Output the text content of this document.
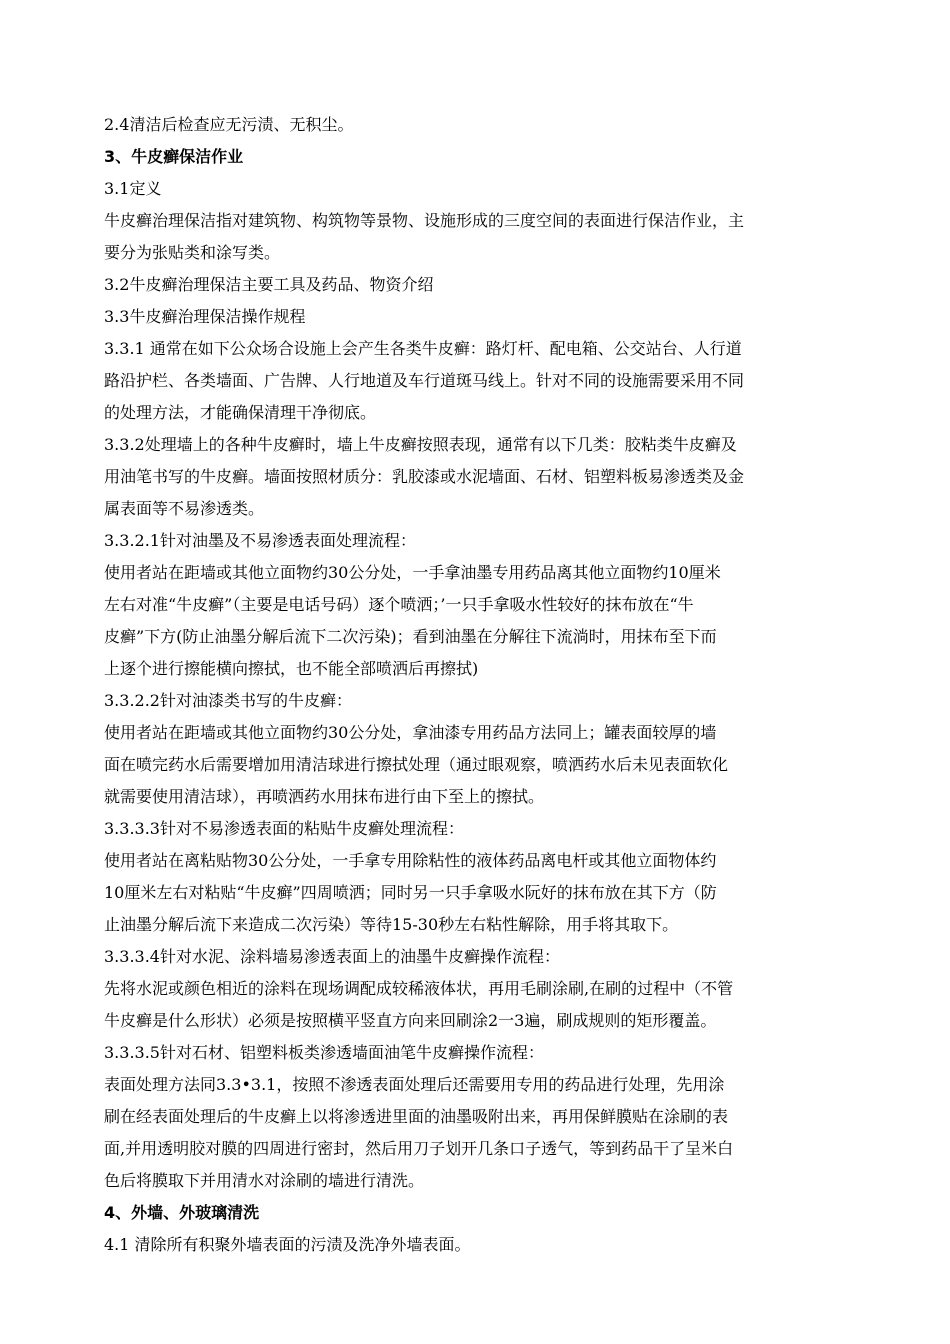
2.4清洁后检查应无污渍、无积尘。
3、牛皮癣保洁作业
3.1定义
牛皮癣治理保洁指对建筑物、构筑物等景物、设施形成的三度空间的表面进行保洁作业，主
要分为张贴类和涂写类。
3.2牛皮癣治理保洁主要工具及药品、物资介绍
3.3牛皮癣治理保洁操作规程
3.3.1 通常在如下公众场合设施上会产生各类牛皮癣：路灯杆、配电箱、公交站台、人行道
路沿护栏、各类墙面、广告牌、人行地道及车行道斑马线上。针对不同的设施需要采用不同
的处理方法，才能确保清理干净彻底。
3.3.2处理墙上的各种牛皮癣时，墙上牛皮癣按照表现，通常有以下几类：胶粘类牛皮癣及
用油笔书写的牛皮癣。墙面按照材质分：乳胶漆或水泥墙面、石材、铝塑料板易渗透类及金
属表面等不易渗透类。
3.3.2.1针对油墨及不易渗透表面处理流程：
使用者站在距墙或其他立面物约30公分处，一手拿油墨专用药品离其他立面物约10厘米
左右对准“牛皮癣”（主要是电话号码）逐个喷洒；’一只手拿吸水性较好的抹布放在“牛
皮癣”下方(防止油墨分解后流下二次污染)；看到油墨在分解往下流淌时，用抹布至下而
上逐个进行擦能横向擦拭，也不能全部喷洒后再擦拭)
3.3.2.2针对油漆类书写的牛皮癣：
使用者站在距墙或其他立面物约30公分处，拿油漆专用药品方法同上；罐表面较厚的墙
面在喷完药水后需要增加用清洁球进行擦拭处理（通过眼观察，喷洒药水后未见表面软化
就需要使用清洁球），再喷洒药水用抹布进行由下至上的擦拭。
3.3.3.3针对不易渗透表面的粘贴牛皮癣处理流程：
使用者站在离粘贴物30公分处，一手拿专用除粘性的液体药品离电杆或其他立面物体约
10厘米左右对粘贴“牛皮癣”四周喷洒；同时另一只手拿吸水阮好的抹布放在其下方（防
止油墨分解后流下来造成二次污染）等待15-30秒左右粘性解除，用手将其取下。
3.3.3.4针对水泥、涂料墙易渗透表面上的油墨牛皮癣操作流程：
先将水泥或颜色相近的涂料在现场调配成较稀液体状，再用毛刷涂刷,在刷的过程中（不管
牛皮癣是什么形状）必须是按照横平竖直方向来回刷涂2一3遍，刷成规则的矩形覆盖。
3.3.3.5针对石材、铝塑料板类渗透墙面油笔牛皮癣操作流程：
表面处理方法同3.3•3.1，按照不渗透表面处理后还需要用专用的药品进行处理，先用涂
刷在经表面处理后的牛皮癣上以将渗透进里面的油墨吸附出来，再用保鲜膜贴在涂刷的表
面,并用透明胶对膜的四周进行密封，然后用刀子划开几条口子透气，等到药品干了呈米白
色后将膜取下并用清水对涂刷的墙进行清洗。
4、外墙、外玻璃清洗
4.1 清除所有积聚外墙表面的污渍及洗净外墙表面。
